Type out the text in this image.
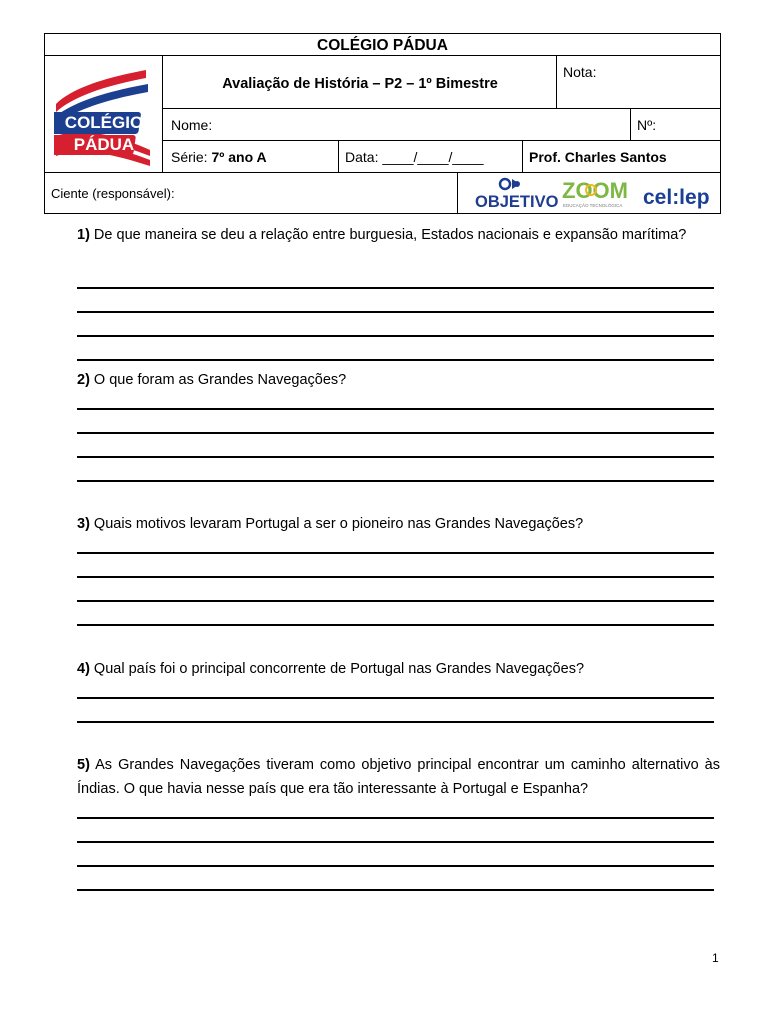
COLÉGIO PÁDUA
COLÉGIO
PÁDUA
Avaliação de História – P2 – 1º Bimestre
Nota:
Nome:	Nº:
Série: 7º ano A	Data: ____/____/____	Prof. Charles Santos
Ciente (responsável):	OBJETIVO ZOOM
EDUCAÇÃO TECNOLÓGICA cel:lep
1) De que maneira se deu a relação entre burguesia, Estados nacionais e expansão marítima?
2) O que foram as Grandes Navegações?
3) Quais motivos levaram Portugal a ser o pioneiro nas Grandes Navegações?
4) Qual país foi o principal concorrente de Portugal nas Grandes Navegações?
5) As Grandes Navegações tiveram como objetivo principal encontrar um caminho alternativo às Índias. O que havia nesse país que era tão interessante à Portugal e Espanha?
1
